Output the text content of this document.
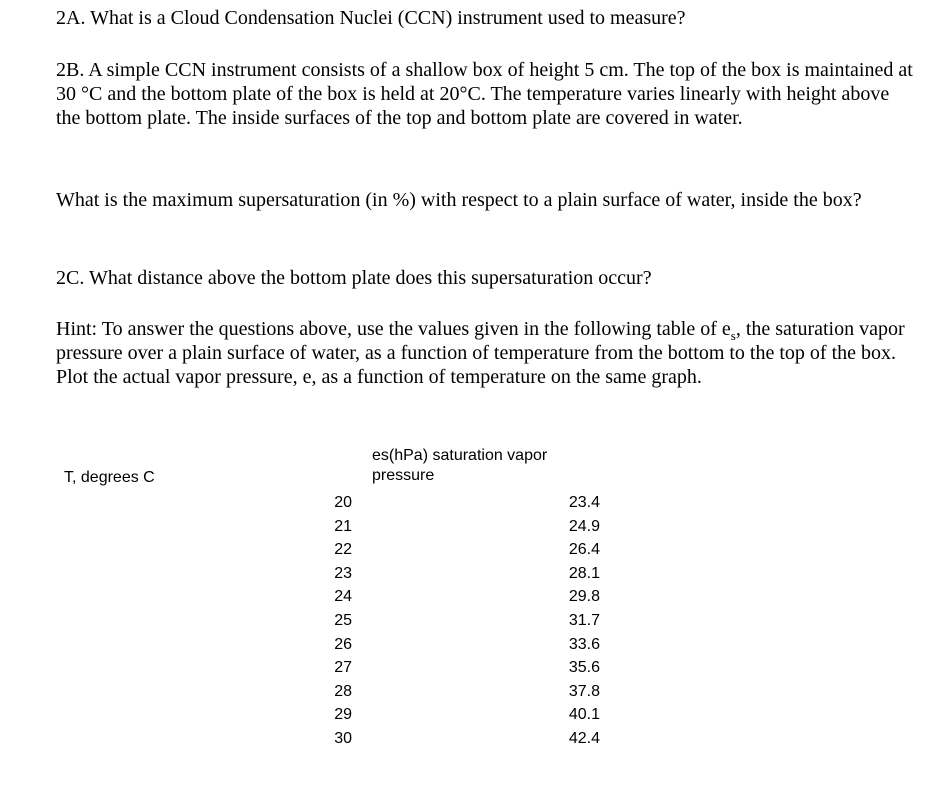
2A. What is a Cloud Condensation Nuclei (CCN) instrument used to measure?

2B. A simple CCN instrument consists of a shallow box of height 5 cm. The top of the box is maintained at 30 °C and the bottom plate of the box is held at 20°C. The temperature varies linearly with height above the bottom plate. The inside surfaces of the top and bottom plate are covered in water.

What is the maximum supersaturation (in %) with respect to a plain surface of water, inside the box?

2C. What distance above the bottom plate does this supersaturation occur?

Hint: To answer the questions above, use the values given in the following table of $e_s$, the saturation vapor pressure over a plain surface of water, as a function of temperature from the bottom to the top of the box. Plot the actual vapor pressure, e, as a function of temperature on the same graph.

T, degrees C
es(hPa) saturation vapor
pressure
20
21
22
23
24
25
26
27
28
29
30
23.4
24.9
26.4
28.1
29.8
31.7
33.6
35.6
37.8
40.1
42.4
